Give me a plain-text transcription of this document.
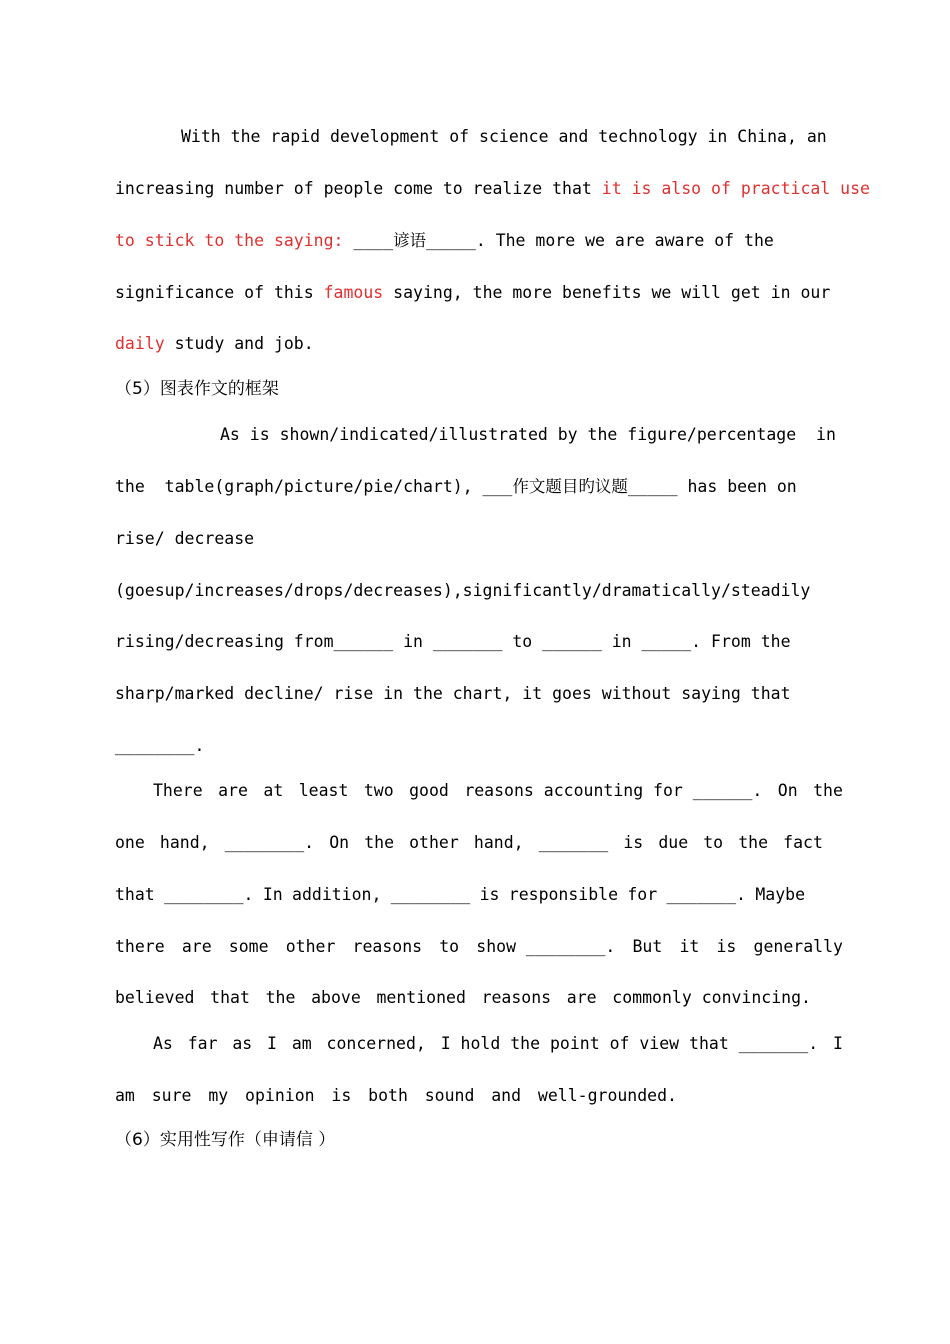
With the rapid development of science and technology in China, an
increasing number of people come to realize that it is also of practical use
to stick to the saying: ____谚语_____. The more we are aware of the
significance of this famous saying, the more benefits we will get in our
daily study and job.
（5）图表作文的框架
As is shown/indicated/illustrated by the figure/percentage  in
the  table(graph/picture/pie/chart), ___作文题目旳议题_____ has been on
rise/ decrease
(goesup/increases/drops/decreases),significantly/dramatically/steadily
rising/decreasing from______ in _______ to ______ in _____. From the
sharp/marked decline/ rise in the chart, it goes without saying that
________.
There are at least two good reasons accounting for ______. On the
one hand, ________. On the other hand, _______ is due to the fact
that ________. In addition, ________ is responsible for _______. Maybe
there are some other reasons to show ________. But it is generally
believed that the above mentioned reasons are commonly convincing.
As far as I am concerned, I hold the point of view that _______. I
am sure my opinion is both sound and well-grounded.
（6）实用性写作（申请信 ）
